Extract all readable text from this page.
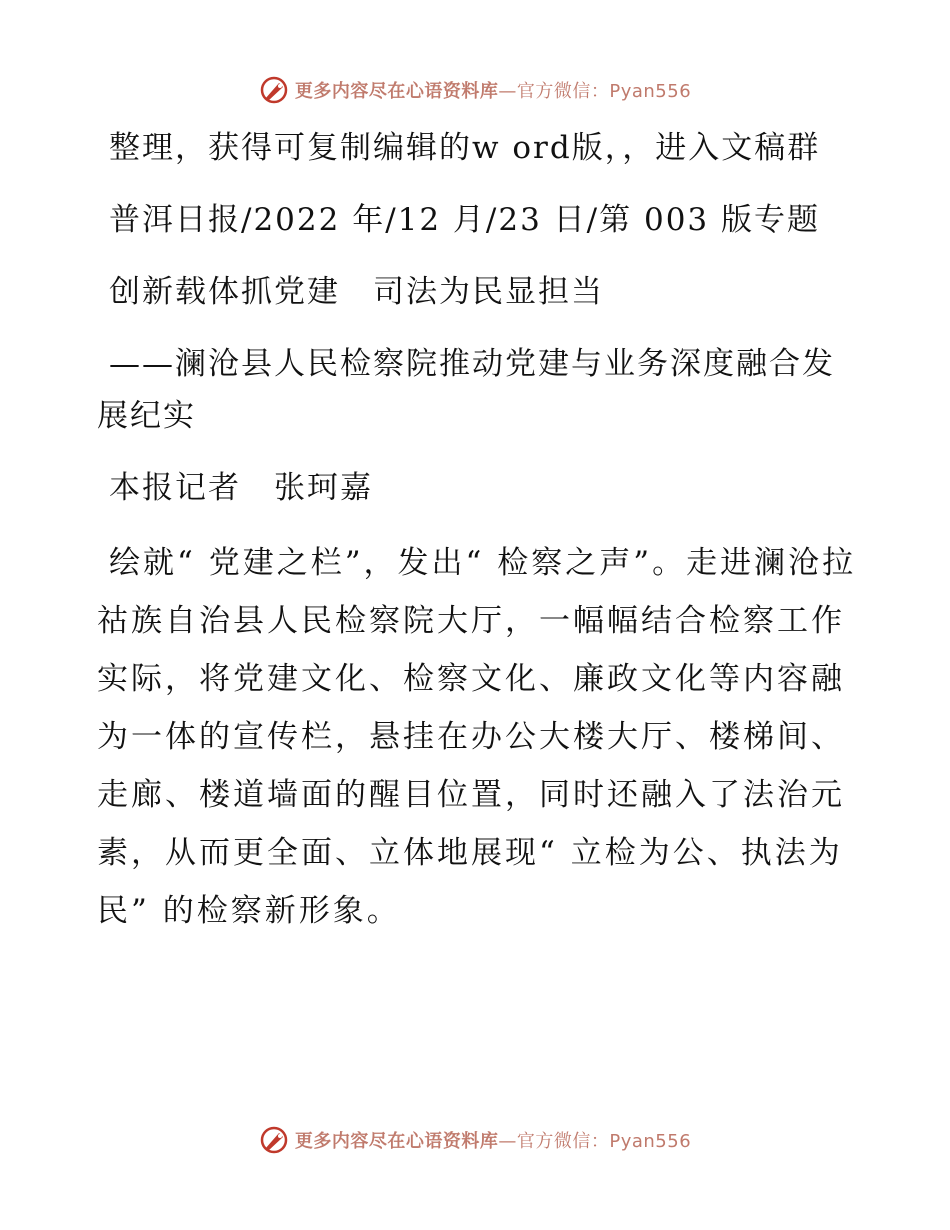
更多内容尽在心语资料库—官方微信：Pyan556

整理，获得可复制编辑的w ord版，，进入文稿群

普洱日报/2022 年/12 月/23 日/第 003 版专题

创新载体抓党建　司法为民显担当

——澜沧县人民检察院推动党建与业务深度融合发展纪实

本报记者　张珂嘉

绘就“ 党建之栏”，发出“ 检察之声”。走进澜沧拉祜族自治县人民检察院大厅，一幅幅结合检察工作实际，将党建文化、检察文化、廉政文化等内容融为一体的宣传栏，悬挂在办公大楼大厅、楼梯间、走廊、楼道墙面的醒目位置，同时还融入了法治元素，从而更全面、立体地展现“ 立检为公、执法为民” 的检察新形象。

更多内容尽在心语资料库—官方微信：Pyan556
